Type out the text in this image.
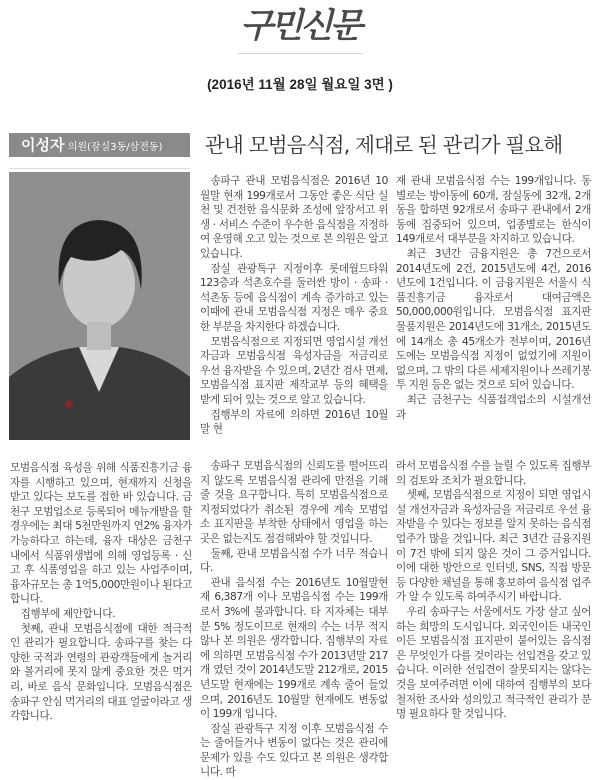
구민신문
(2016년 11월 28일 월요일 3면 )
이성자 의원(잠실3동/삼전동)	관내 모범음식점, 제대로 된 관리가 필요해

송파구 관내 모범음식점은 2016년 10월말 현재 199개로서 그동안 좋은 식단 실천 및 건전한 음식문화 조성에 앞장서고 위생 · 서비스 수준이 우수한 음식점을 지정하여 운영해 오고 있는 것으로 본 의원은 알고 있습니다.

잠실 관광특구 지정이후 롯데월드타워 123층과 석촌호수를 둘러싼 방이 · 송파 · 석촌동 등에 음식점이 계속 증가하고 있는 이때에 관내 모범음식점 지정은 매우 중요한 부분을 차지한다 하겠습니다.

모범음식점으로 지정되면 영업시설 개선자금과 모범음식점 육성자금을 저금리로 우선 융자받을 수 있으며, 2년간 검사 면제, 모범음식점 표지판 제작교부 등의 혜택을 받게 되어 있는 것으로 알고 있습니다.

집행부의 자료에 의하면 2016년 10월말 현

재 관내 모범음식점 수는 199개입니다. 동 별로는 방이동에 60개, 잠실동에 32개, 2개동을 합하면 92개로서 송파구 관내에서 2개 동에 집중되어 있으며, 업종별로는 한식이 149개로서 대부분을 차지하고 있습니다.

최근 3년간 금융지원은 총 7건으로서 2014년도에 2건, 2015년도에 4건, 2016년도에 1건입니다. 이 금융지원은 서울시 식품진흥기금 융자로서 대여금액은 50,000,000원입니다. 모범음식점 표지판 물품지원은 2014년도에 31개소, 2015년도에 14개소 총 45개소가 전부이며, 2016년도에는 모범음식점 지정이 없었기에 지원이 없으며, 그 밖의 다른 세제지원이나 쓰레기봉투 지원 등은 없는 것으로 되어 있습니다.

최근 금천구는 식품접객업소의 시설개선과

모범음식점 육성을 위해 식품진흥기금 융자를 시행하고 있으며, 현재까지 신청을 받고 있다는 보도를 접한 바 있습니다. 금천구 모범업소로 등록되어 메뉴개발을 할 경우에는 최대 5천만원까지 연2% 융자가 가능하다고 하는데, 융자 대상은 금천구 내에서 식품위생법에 의해 영업등록 · 신고 후 식품영업을 하고 있는 사업주이며, 융자규모는 총 1억5,000만원이나 된다고 합니다.

집행부에 제안합니다.

첫째, 관내 모범음식점에 대한 적극적인 관리가 필요합니다. 송파구를 찾는 다양한 국적과 연령의 관광객들에게 놀거리와 볼거리에 못지 않게 중요한 것은 먹거리, 바로 음식 문화입니다. 모범음식점은 송파구 안심 먹거리의 대표 얼굴이라고 생각합니다.

송파구 모범음식점의 신뢰도를 떨어뜨리지 않도록 모범음식점 관리에 만전을 기해줄 것을 요구합니다. 특히 모범음식점으로 지정되었다가 취소된 경우에 계속 모범업소 표지판을 부착한 상태에서 영업을 하는 곳은 없는지도 점검해봐야 할 것입니다.

둘째, 관내 모범음식점 수가 너무 적습니다.

관내 음식점 수는 2016년도 10월말현재 6,387개 이나 모범음식점 수는 199개로서 3%에 불과합니다. 타 지자체는 대부분 5% 정도이므로 현재의 수는 너무 적지않나 본 의원은 생각합니다. 집행부의 자료에 의하면 모범음식점 수가 2013년말 217개 였던 것이 2014년도말 212개로, 2015년도말 현재에는 199개로 계속 줄어 들었으며, 2016년도 10월말 현재에도 변동없이 199개 입니다.

잠실 관광특구 지정 이후 모범음식점 수는 줄어들거나 변동이 없다는 것은 관리에 문제가 있을 수도 있다고 본 의원은 생각합니다. 따

라서 모범음식점 수를 늘릴 수 있도록 집행부의 검토와 조치가 필요합니다.

셋째, 모범음식점으로 지정이 되면 영업시설 개선자금과 육성자금을 저금리로 우선 융자받을 수 있다는 정보를 알지 못하는 음식점 업주가 많을 것입니다. 최근 3년간 금융지원이 7건 밖에 되지 않은 것이 그 증거입니다. 이에 대한 방안으로 인터넷, SNS, 직접 방문 등 다양한 채널을 통해 홍보하여 음식점 업주가 알 수 있도록 하여주시기 바랍니다.

우리 송파구는 서울에서도 가장 살고 싶어하는 희망의 도시입니다. 외국인이든 내국인이든 모범음식점 표지판이 붙어있는 음식점은 무엇인가 다를 것이라는 선입견을 갖고 있습니다. 이러한 선입견이 잘못되지는 않다는 것을 보여주려면 이에 대하여 집행부의 보다 철저한 조사와 성의있고 적극적인 관리가 분명 필요하다 할 것입니다.
